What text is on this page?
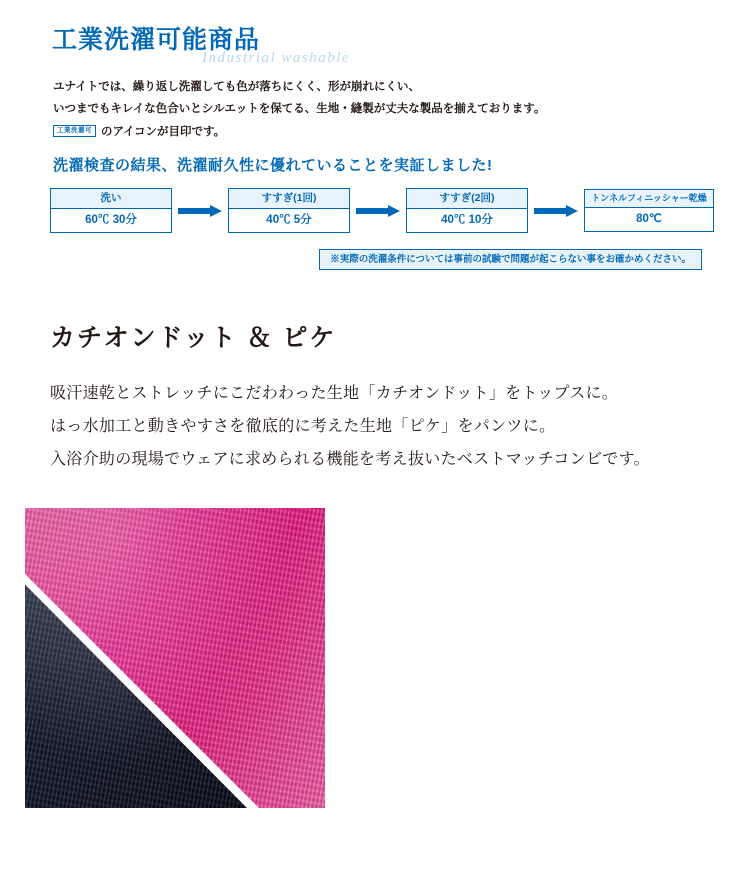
工業洗濯可能商品
Industrial washable
ユナイトでは、繰り返し洗濯しても色が落ちにくく、形が崩れにくい、
いつまでもキレイな色合いとシルエットを保てる、生地・縫製が丈夫な製品を揃えております。
工業洗濯可 のアイコンが目印です。
洗濯検査の結果、洗濯耐久性に優れていることを実証しました!
洗い
60℃ 30分
すすぎ(1回)
40℃ 5分
すすぎ(2回)
40℃ 10分
トンネルフィニッシャー乾燥
80℃
※実際の洗濯条件については事前の試験で問題が起こらない事をお確かめください。
カチオンドット ＆ ピケ
吸汗速乾とストレッチにこだわわった生地「カチオンドット」をトップスに。
はっ水加工と動きやすさを徹底的に考えた生地「ピケ」をパンツに。
入浴介助の現場でウェアに求められる機能を考え抜いたベストマッチコンビです。
